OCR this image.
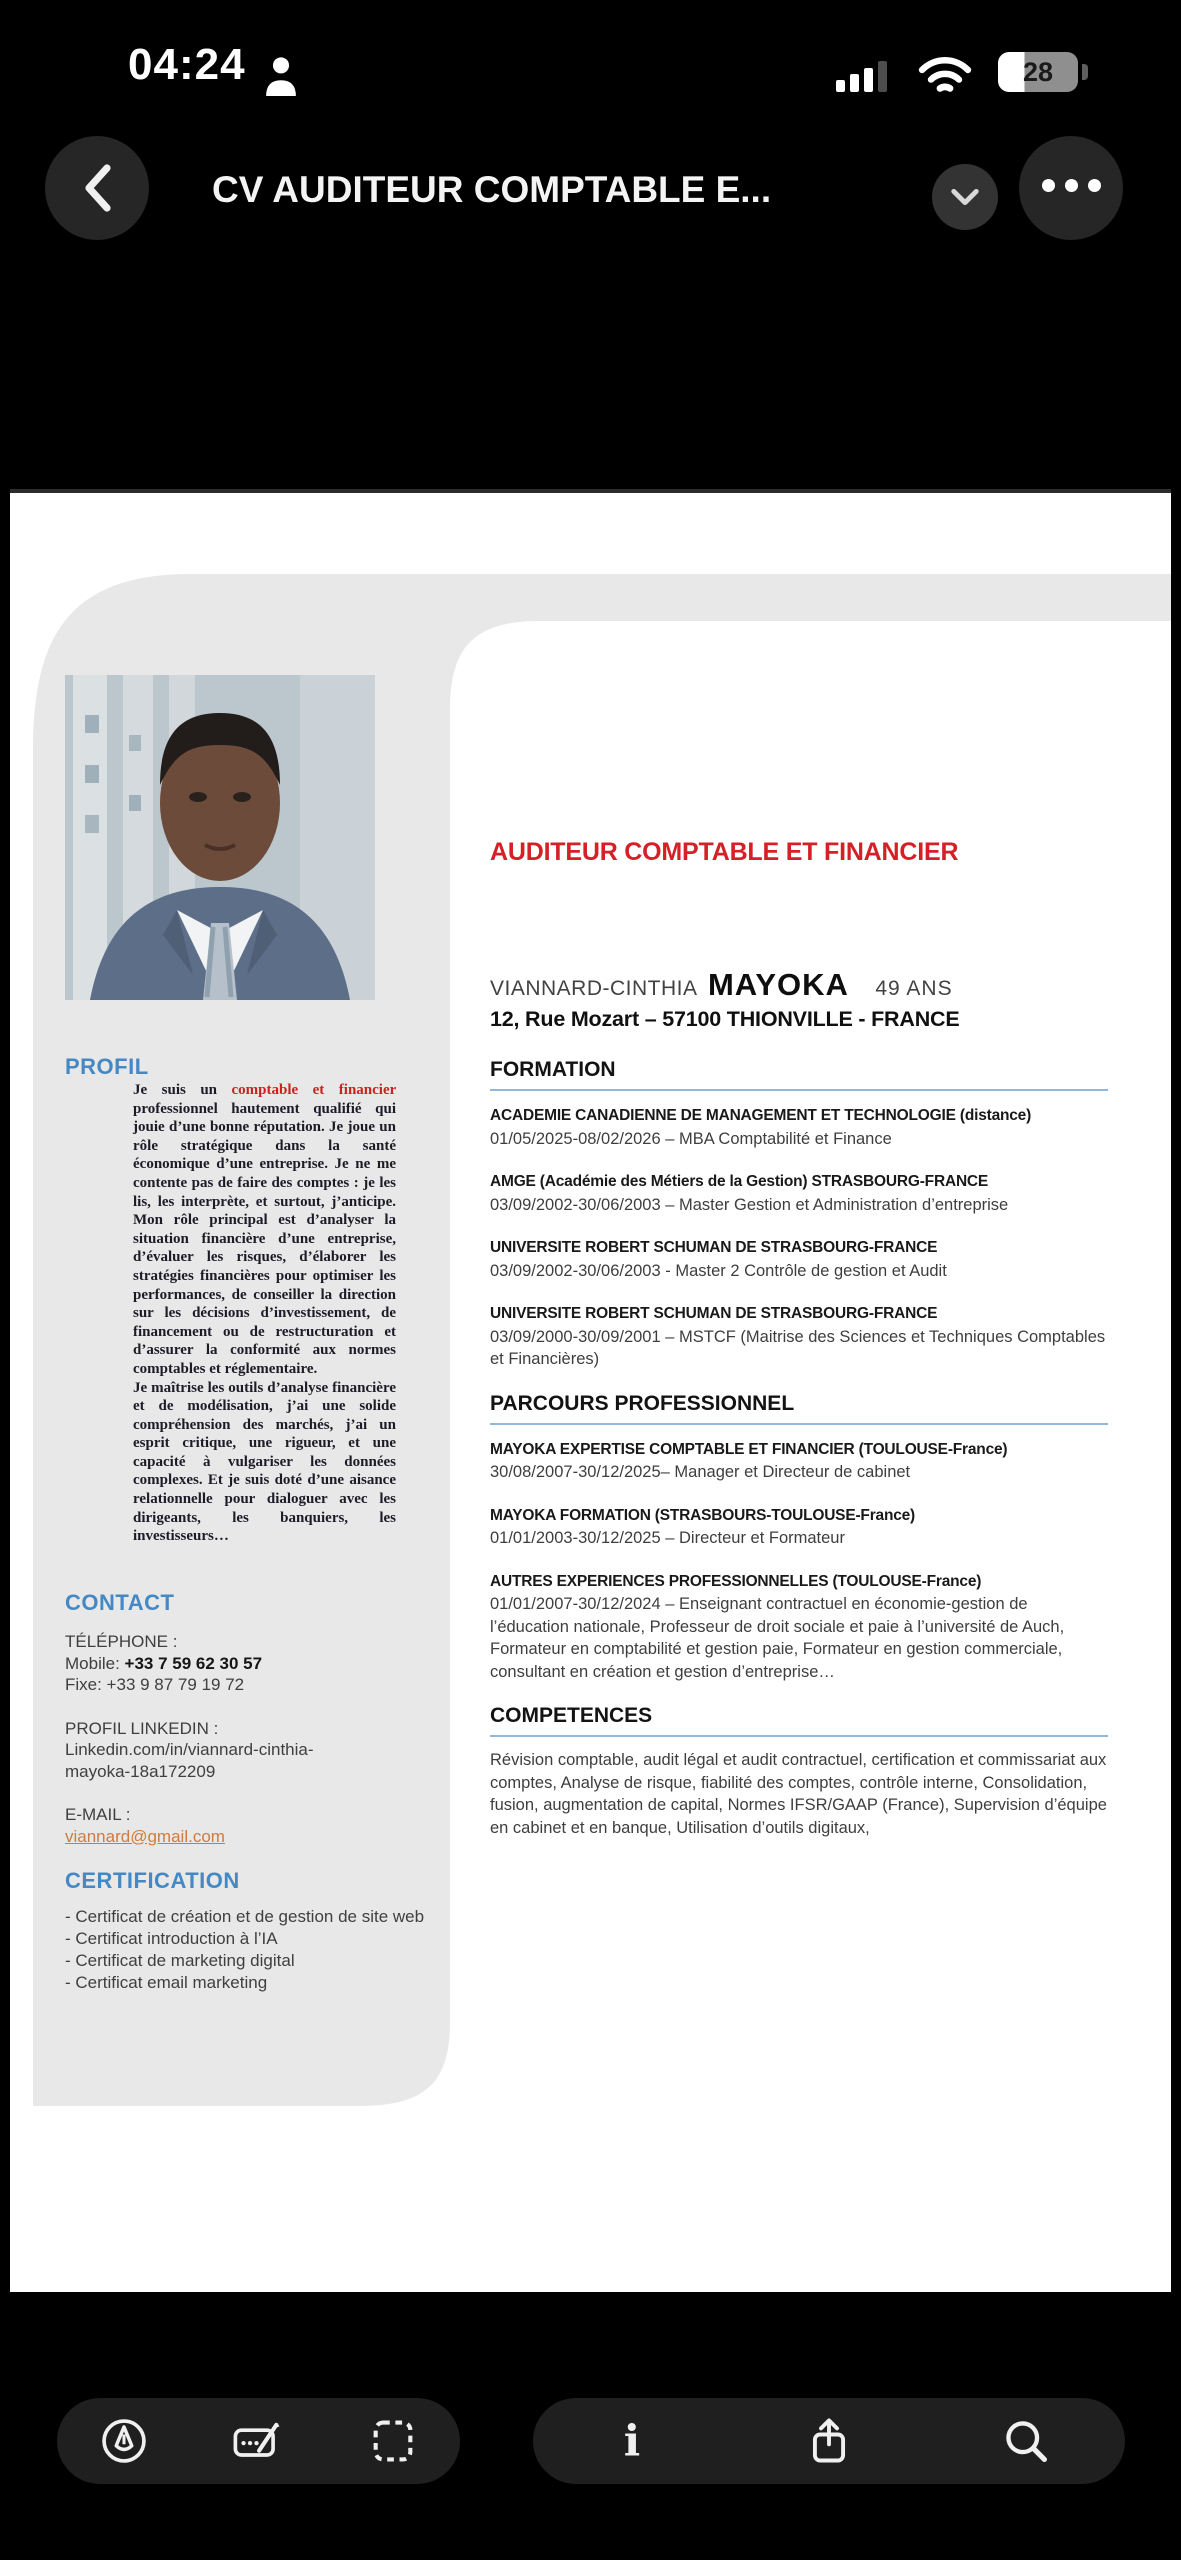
04:24	28
CV AUDITEUR COMPTABLE E...
PROFIL

Je suis un comptable et financier professionnel hautement qualifié qui jouie d’une bonne réputation. Je joue un rôle stratégique dans la santé économique d’une entreprise. Je ne me contente pas de faire des comptes : je les lis, les interprète, et surtout, j’anticipe. Mon rôle principal est d’analyser la situation financière d’une entreprise, d’évaluer les risques, d’élaborer les stratégies financières pour optimiser les performances, de conseiller la direction sur les décisions d’investissement, de financement ou de restructuration et d’assurer la conformité aux normes comptables et réglementaire.

Je maîtrise les outils d’analyse financière et de modélisation, j’ai une solide compréhension des marchés, j’ai un esprit critique, une rigueur, et une capacité à vulgariser les données complexes. Et je suis doté d’une aisance relationnelle pour dialoguer avec les dirigeants, les banquiers, les investisseurs…

CONTACT
TÉLÉPHONE :
Mobile: +33 7 59 62 30 57
Fixe: +33 9 87 79 19 72
PROFIL LINKEDIN :
Linkedin.com/in/viannard-cinthia-
mayoka-18a172209
E-MAIL :
viannard@gmail.com
CERTIFICATION
- Certificat de création et de gestion de site web
- Certificat introduction à l’IA
- Certificat de marketing digital
- Certificat email marketing
AUDITEUR COMPTABLE ET FINANCIER
VIANNARD-CINTHIA MAYOKA 49 ANS
12, Rue Mozart – 57100 THIONVILLE - FRANCE
FORMATION
ACADEMIE CANADIENNE DE MANAGEMENT ET TECHNOLOGIE (distance)
01/05/2025-08/02/2026 – MBA Comptabilité et Finance
AMGE (Académie des Métiers de la Gestion) STRASBOURG-FRANCE
03/09/2002-30/06/2003 – Master Gestion et Administration d’entreprise
UNIVERSITE ROBERT SCHUMAN DE STRASBOURG-FRANCE
03/09/2002-30/06/2003 - Master 2 Contrôle de gestion et Audit
UNIVERSITE ROBERT SCHUMAN DE STRASBOURG-FRANCE
03/09/2000-30/09/2001 – MSTCF (Maitrise des Sciences et Techniques Comptables et Financières)
PARCOURS PROFESSIONNEL
MAYOKA EXPERTISE COMPTABLE ET FINANCIER (TOULOUSE-France)
30/08/2007-30/12/2025– Manager et Directeur de cabinet
MAYOKA FORMATION (STRASBOURS-TOULOUSE-France)
01/01/2003-30/12/2025 – Directeur et Formateur
AUTRES EXPERIENCES PROFESSIONNELLES (TOULOUSE-France)
01/01/2007-30/12/2024 – Enseignant contractuel en économie-gestion de l’éducation nationale, Professeur de droit sociale et paie à l’université de Auch, Formateur en comptabilité et gestion paie, Formateur en gestion commerciale, consultant en création et gestion d’entreprise…
COMPETENCES
Révision comptable, audit légal et audit contractuel, certification et commissariat aux comptes, Analyse de risque, fiabilité des comptes, contrôle interne, Consolidation, fusion, augmentation de capital, Normes IFSR/GAAP (France), Supervision d’équipe en cabinet et en banque, Utilisation d’outils digitaux,
i
